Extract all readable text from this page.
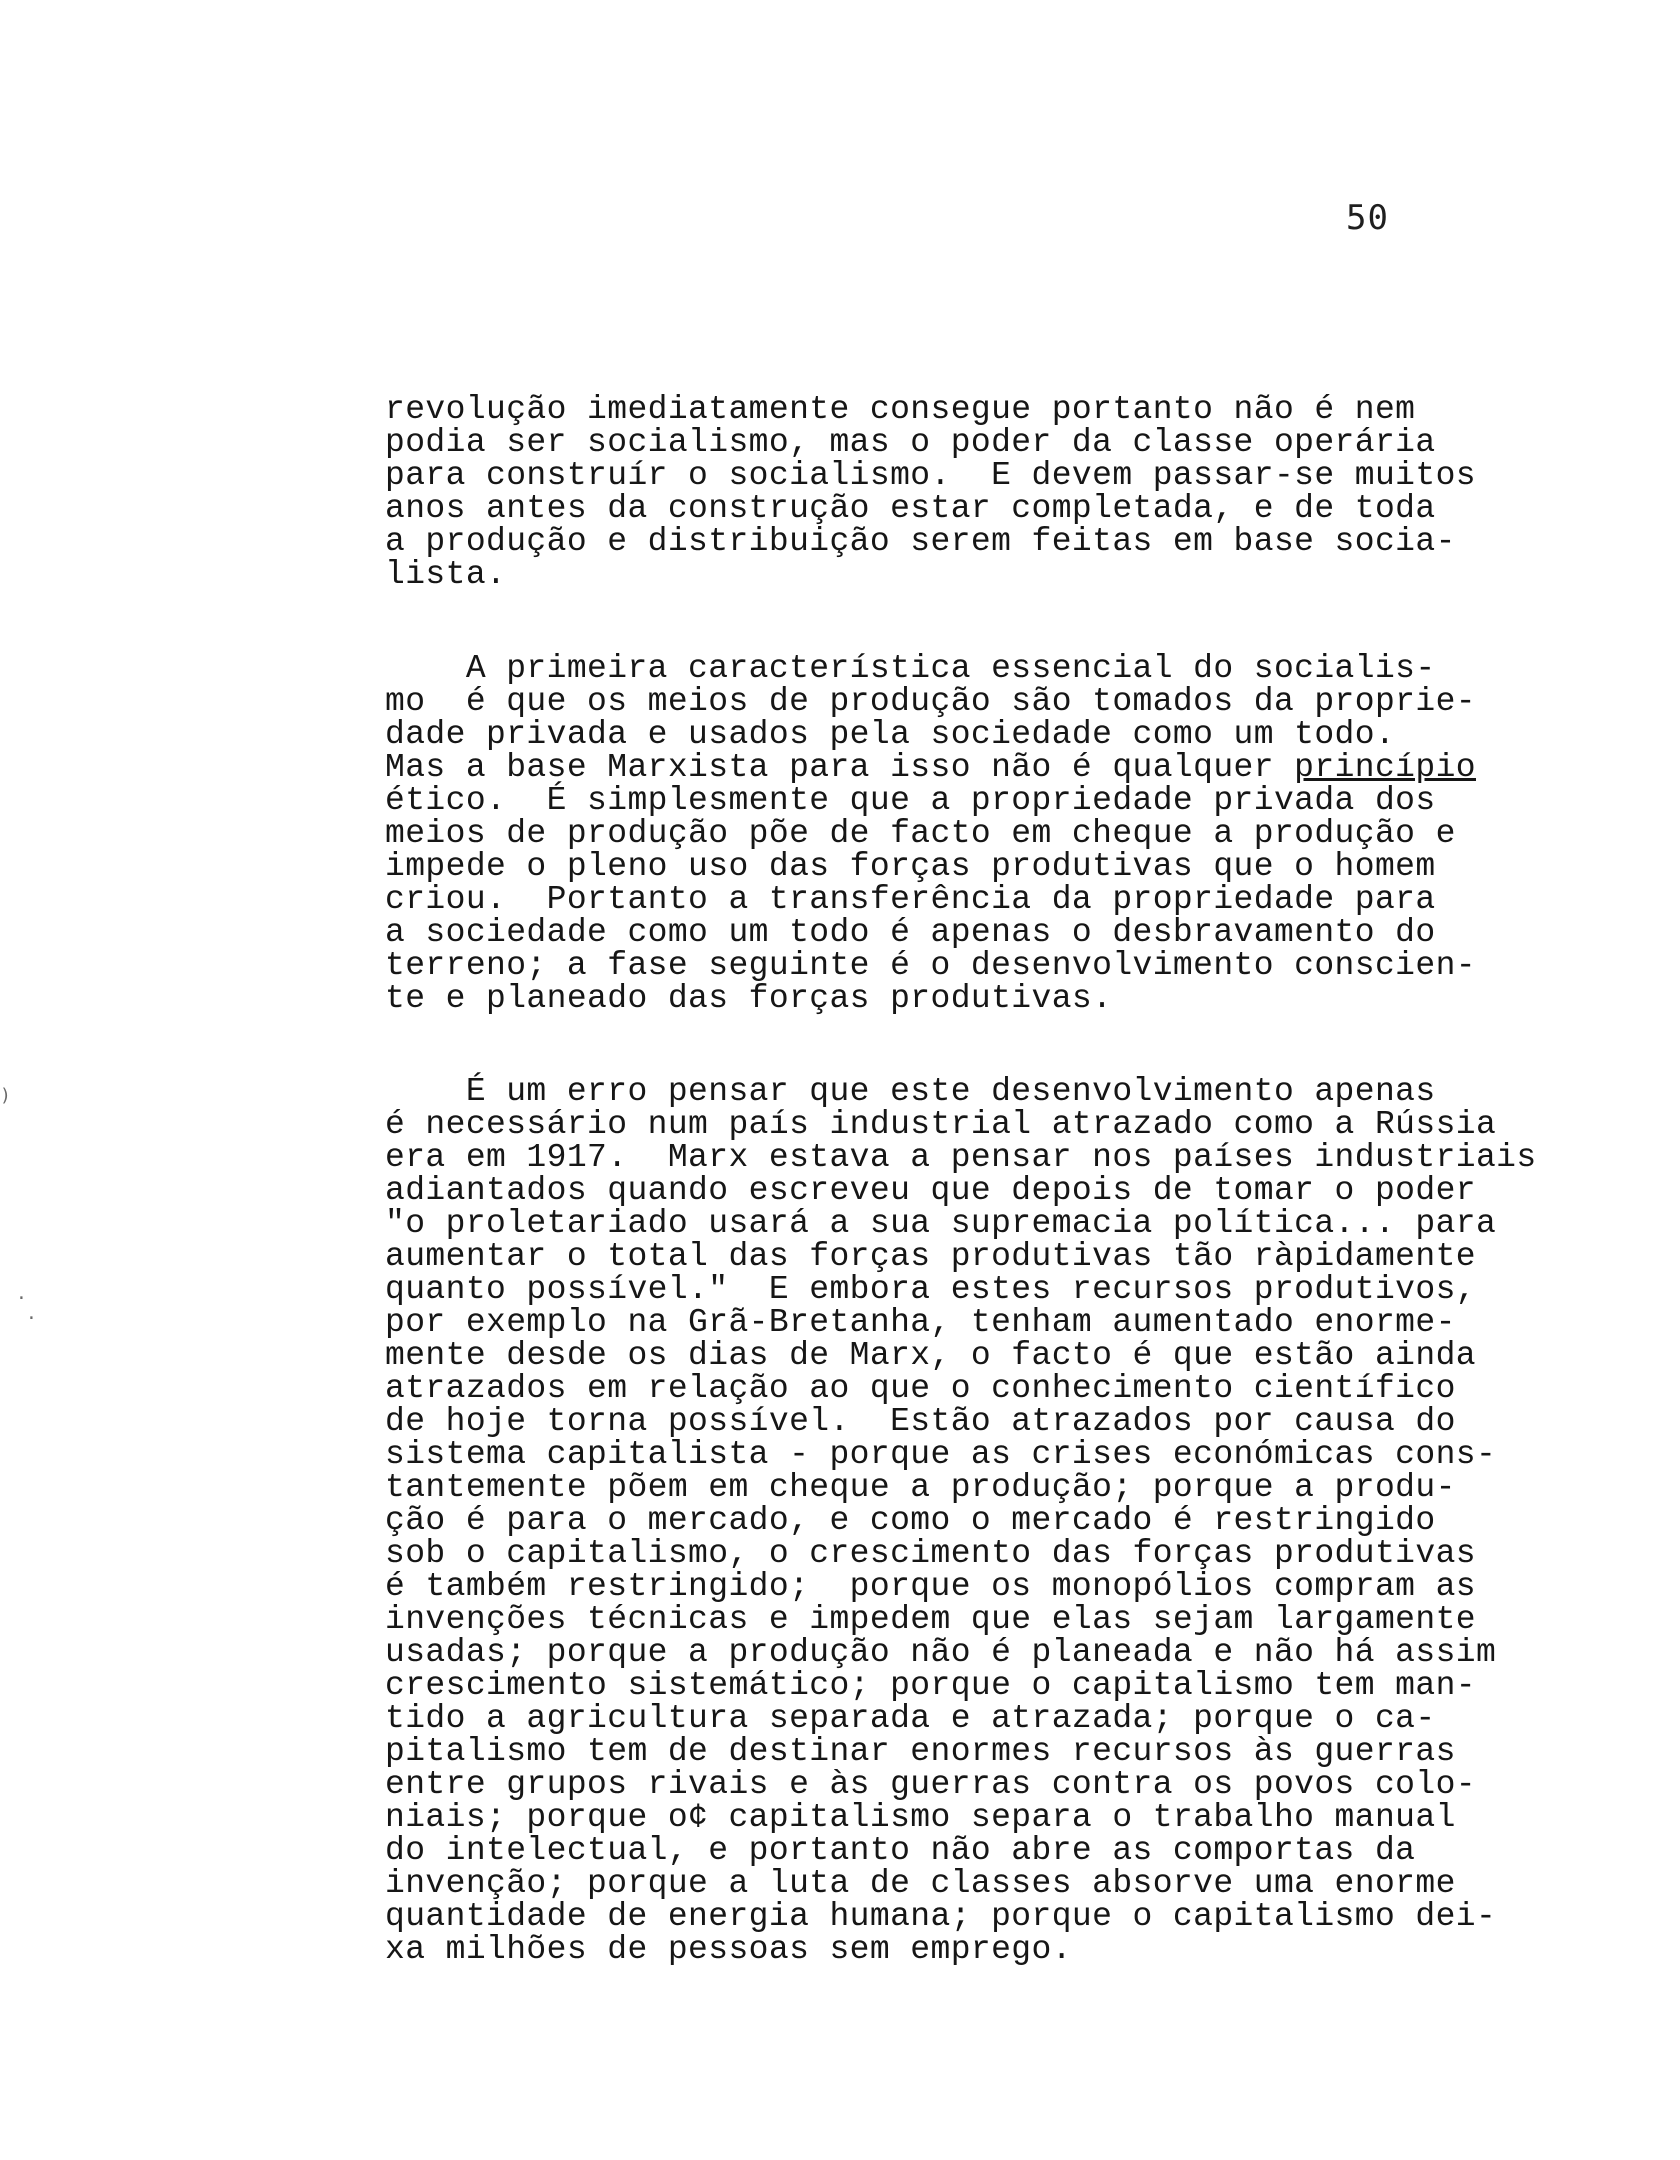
50
)
·
·
revolução imediatamente consegue portanto não é nem
podia ser socialismo, mas o poder da classe operária
para construír o socialismo.  E devem passar-se muitos
anos antes da construção estar completada, e de toda
a produção e distribuição serem feitas em base socia-
lista.
A primeira característica essencial do socialis-
mo  é que os meios de produção são tomados da proprie-
dade privada e usados pela sociedade como um todo.
Mas a base Marxista para isso não é qualquer princípio
ético.  É simplesmente que a propriedade privada dos
meios de produção põe de facto em cheque a produção e
impede o pleno uso das forças produtivas que o homem
criou.  Portanto a transferência da propriedade para
a sociedade como um todo é apenas o desbravamento do
terreno; a fase seguinte é o desenvolvimento conscien-
te e planeado das forças produtivas.
É um erro pensar que este desenvolvimento apenas
é necessário num país industrial atrazado como a Rússia
era em 1917.  Marx estava a pensar nos países industriais
adiantados quando escreveu que depois de tomar o poder
"o proletariado usará a sua supremacia política... para
aumentar o total das forças produtivas tão ràpidamente
quanto possível."  E embora estes recursos produtivos,
por exemplo na Grã-Bretanha, tenham aumentado enorme-
mente desde os dias de Marx, o facto é que estão ainda
atrazados em relação ao que o conhecimento científico
de hoje torna possível.  Estão atrazados por causa do
sistema capitalista - porque as crises económicas cons-
tantemente põem em cheque a produção; porque a produ-
ção é para o mercado, e como o mercado é restringido
sob o capitalismo, o crescimento das forças produtivas
é também restringido;  porque os monopólios compram as
invenções técnicas e impedem que elas sejam largamente
usadas; porque a produção não é planeada e não há assim
crescimento sistemático; porque o capitalismo tem man-
tido a agricultura separada e atrazada; porque o ca-
pitalismo tem de destinar enormes recursos às guerras
entre grupos rivais e às guerras contra os povos colo-
niais; porque o¢ capitalismo separa o trabalho manual
do intelectual, e portanto não abre as comportas da
invenção; porque a luta de classes absorve uma enorme
quantidade de energia humana; porque o capitalismo dei-
xa milhões de pessoas sem emprego.
